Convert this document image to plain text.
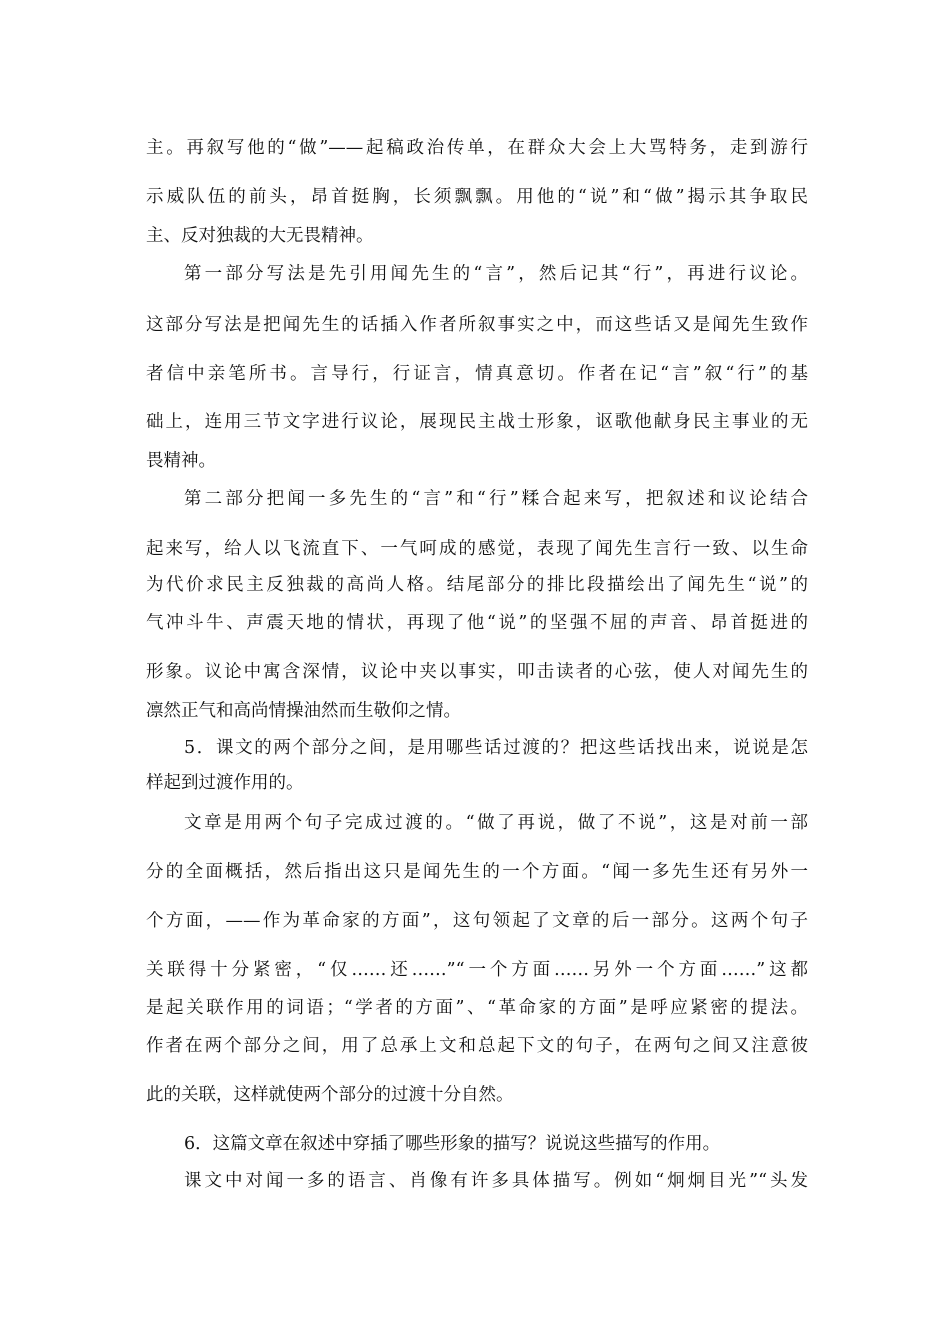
主。再叙写他的“做”——起稿政治传单，在群众大会上大骂特务，走到游行
示威队伍的前头，昂首挺胸，长须飘飘。用他的“说”和“做”揭示其争取民
主、反对独裁的大无畏精神。
第一部分写法是先引用闻先生的“言”，然后记其“行”，再进行议论。
这部分写法是把闻先生的话插入作者所叙事实之中，而这些话又是闻先生致作
者信中亲笔所书。言导行，行证言，情真意切。作者在记“言”叙“行”的基
础上，连用三节文字进行议论，展现民主战士形象，讴歌他献身民主事业的无
畏精神。
第二部分把闻一多先生的“言”和“行”糅合起来写，把叙述和议论结合
起来写，给人以飞流直下、一气呵成的感觉，表现了闻先生言行一致、以生命
为代价求民主反独裁的高尚人格。结尾部分的排比段描绘出了闻先生“说”的
气冲斗牛、声震天地的情状，再现了他“说”的坚强不屈的声音、昂首挺进的
形象。议论中寓含深情，议论中夹以事实，叩击读者的心弦，使人对闻先生的
凛然正气和高尚情操油然而生敬仰之情。
5．课文的两个部分之间，是用哪些话过渡的？把这些话找出来，说说是怎
样起到过渡作用的。
文章是用两个句子完成过渡的。“做了再说，做了不说”，这是对前一部
分的全面概括，然后指出这只是闻先生的一个方面。“闻一多先生还有另外一
个方面，——作为革命家的方面”，这句领起了文章的后一部分。这两个句子
关联得十分紧密，“仅……还……”“一个方面……另外一个方面……”这都
是起关联作用的词语；“学者的方面”、“革命家的方面”是呼应紧密的提法。
作者在两个部分之间，用了总承上文和总起下文的句子，在两句之间又注意彼
此的关联，这样就使两个部分的过渡十分自然。
6．这篇文章在叙述中穿插了哪些形象的描写？说说这些描写的作用。
课文中对闻一多的语言、肖像有许多具体描写。例如“炯炯目光”“头发
